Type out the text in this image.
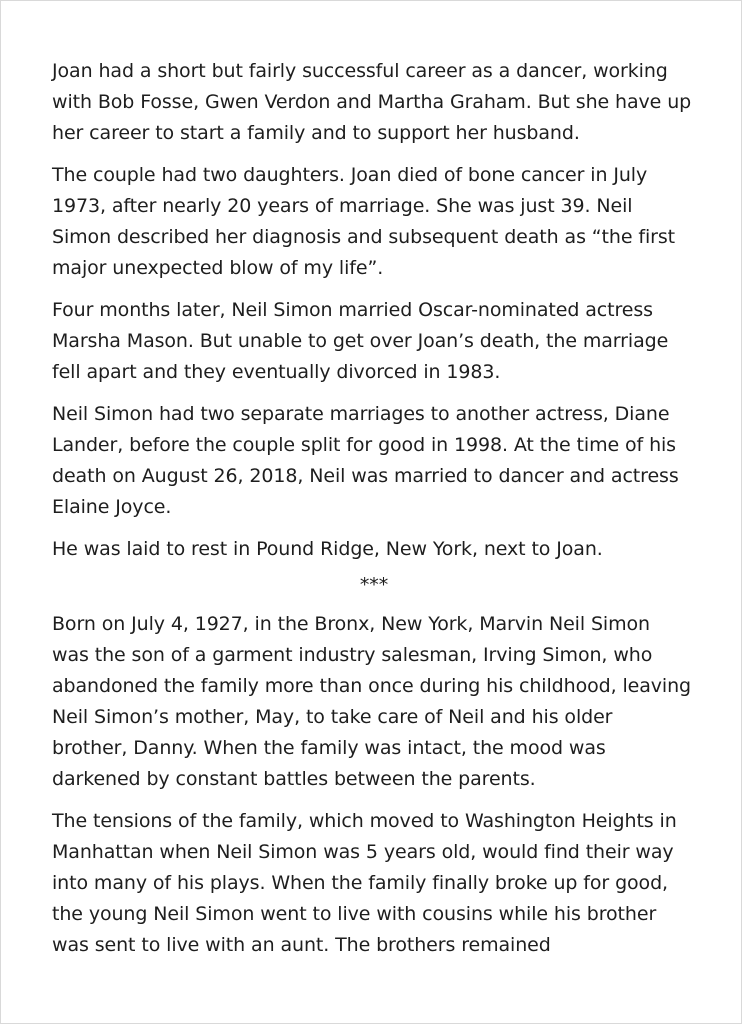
Joan had a short but fairly successful career as a dancer, working with Bob Fosse, Gwen Verdon and Martha Graham. But she have up her career to start a family and to support her husband.

The couple had two daughters. Joan died of bone cancer in July 1973, after nearly 20 years of marriage. She was just 39. Neil Simon described her diagnosis and subsequent death as “the first major unexpected blow of my life”.

Four months later, Neil Simon married Oscar-nominated actress Marsha Mason. But unable to get over Joan’s death, the marriage fell apart and they eventually divorced in 1983.

Neil Simon had two separate marriages to another actress, Diane Lander, before the couple split for good in 1998. At the time of his death on August 26, 2018, Neil was married to dancer and actress Elaine Joyce.

He was laid to rest in Pound Ridge, New York, next to Joan.

***

Born on July 4, 1927, in the Bronx, New York, Marvin Neil Simon was the son of a garment industry salesman, Irving Simon, who abandoned the family more than once during his childhood, leaving Neil Simon’s mother, May, to take care of Neil and his older brother, Danny. When the family was intact, the mood was darkened by constant battles between the parents.

The tensions of the family, which moved to Washington Heights in Manhattan when Neil Simon was 5 years old, would find their way into many of his plays. When the family finally broke up for good, the young Neil Simon went to live with cousins while his brother was sent to live with an aunt. The brothers remained
